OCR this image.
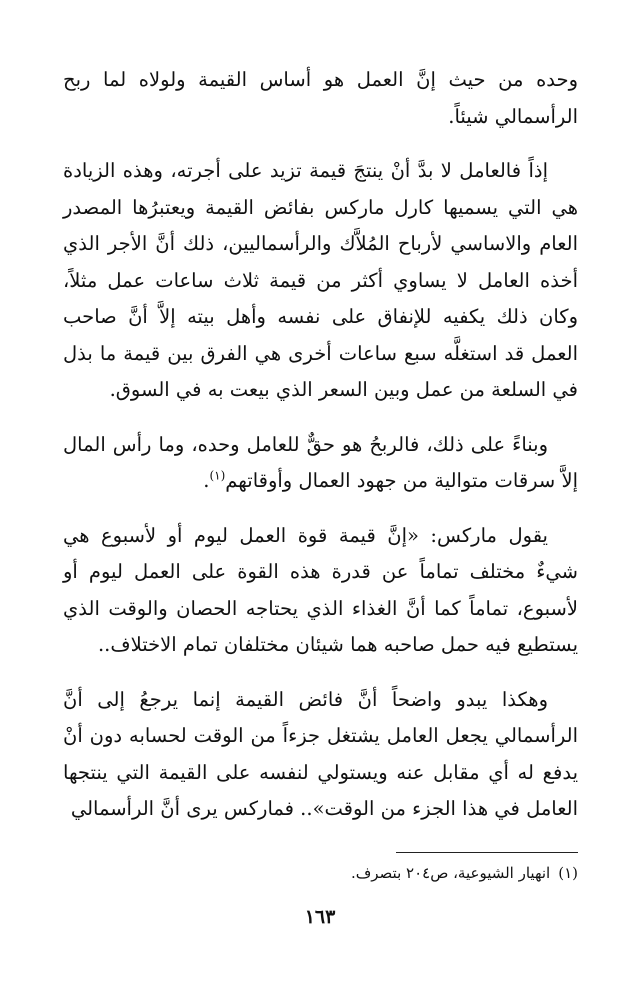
وحده من حيث إنَّ العمل هو أساس القيمة ولولاه لما ربح الرأسمالي شيئاً.

إذاً فالعامل لا بدَّ أنْ ينتجَ قيمة تزيد على أجرته، وهذه الزيادة هي التي يسميها كارل ماركس بفائض القيمة ويعتبرُها المصدر العام والاساسي لأرباح المُلاَّك والرأسماليين، ذلك أنَّ الأجر الذي أخذه العامل لا يساوي أكثر من قيمة ثلاث ساعات عمل مثلاً، وكان ذلك يكفيه للإنفاق على نفسه وأهل بيته إلاَّ أنَّ صاحب العمل قد استغلَّه سبع ساعات أخرى هي الفرق بين قيمة ما بذل في السلعة من عمل وبين السعر الذي بيعت به في السوق.

وبناءً على ذلك، فالربحُ هو حقٌّ للعامل وحده، وما رأس المال إلاَّ سرقات متوالية من جهود العمال وأوقاتهم$^{(١)}$.

يقول ماركس: «إنَّ قيمة قوة العمل ليوم أو لأسبوع هي شيءٌ مختلف تماماً عن قدرة هذه القوة على العمل ليوم أو لأسبوع، تماماً كما أنَّ الغذاء الذي يحتاجه الحصان والوقت الذي يستطيع فيه حمل صاحبه هما شيئان مختلفان تمام الاختلاف..

وهكذا يبدو واضحاً أنَّ فائض القيمة إنما يرجعُ إلى أنَّ الرأسمالي يجعل العامل يشتغل جزءاً من الوقت لحسابه دون أنْ يدفع له أي مقابل عنه ويستولي لنفسه على القيمة التي ينتجها العامل في هذا الجزء من الوقت».. فماركس يرى أنَّ الرأسمالي

(١)انهيار الشيوعية، ص٢٠٤ بتصرف.
١٦٣
